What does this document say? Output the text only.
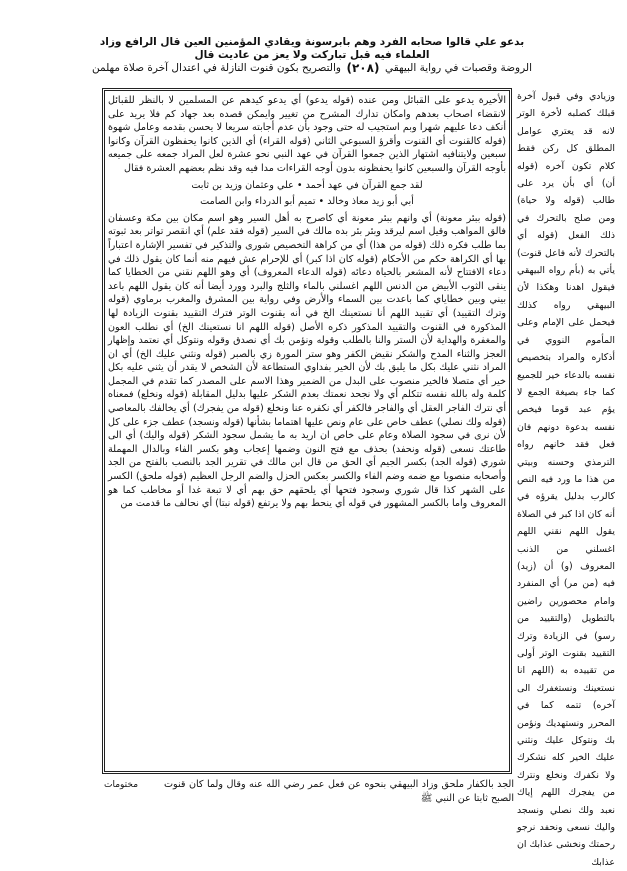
بدعو علي قالوا صحابه الفرد وهم بابرسونة ويقادي المؤمنين العين قال الرافع وزاد العلماء فيه قبل تباركت ولا يعز من عاديت قال
الروضة وقصبات في رواية البيهقي
(٢٠٨)
والتصريح بكون قنوت النازلة في اعتدال آخرة صلاة مهلمن

الأخيرة يدعو على القبائل ومن عنده (قوله يدعو) أي يدعو كيدهم عن المسلمين لا بالنظر للقبائل لانقضاء اصحاب بعدهم وامكان تدارك المشرح من تغيير وايمكن قصده بعد جهاد كم فلا يريد على أنكف دعا عليهم شهرا وبم استجيب له حتى وجود بأن عدم أجابته سريعا لا يحسن بقدمه وعامل شهوة (قوله كالقنوت أي القنوت وأقرؤ السبوعي الثاني (قوله القراء) أي الذين كانوا يحفظون القرآن وكانوا سبعين ولايتنافيه اشتهار الذين جمعوا القرآن في عهد النبي نحو عشرة لعل المراد جمعه على جميعه بأوجه القرآن والسبعين كانوا يحفظونه بدون أوجه القراءات مدا فيه وقد نظم بعضهم العشرة فقال

لقد جمع القرآن في عهد أحمد • علي وعثمان وزيد بن ثابت
أبي أبو زيد معاذ وخالد • تميم أبو الدرداء وابن الصامت

(قوله ببئر معونة) أي وانهم ببئر معونة أي كاصرح به أهل السير وهو اسم مكان بين مكة وعسفان فالق المواهب وقيل اسم ليرقد وبئر بئر بده مالك في السير (قوله فقد علم) أي انقصر تواتر بعد ثبوته بما طلب فكره ذلك (قوله من هذا) أي من كراهة التخصيص شورى والتذكير في تفسير الإشارة اعتباراً بها أي الكراهة حكم من الأحكام (قوله كان اذا كبر) أي للإحرام عش فيهم منه أنما كان يقول ذلك في دعاء الافتتاح لأنه المشعر بالحياة دعائه (قوله الدعاء المعروف) أي وهو اللهم نقني من الخطايا كما ينقى الثوب الأبيض من الدنس اللهم اغسلني بالماء والثلج والبرد وورد أيضا أنه كان يقول اللهم باعد بيني وبين خطاياي كما باعدت بين السماء والأرض وفي رواية بين المشرق والمغرب برماوي (قوله وترك التقييد) أي تقييد اللهم أنا نستعينك الخ في أنه يقنوت الوتر فترك التقييد بقنوت الزيادة لها المذكورة في القنوت والتقييد المذكور ذكره الأصل (قوله اللهم انا نستعينك الخ) أي نطلب العون والمغفرة والهداية لأن الستر والنا بالطلب وقوله ونؤمن بك أي نصدق وقوله ونتوكل أي نعتمد وإظهار العجز والثناء المدح والشكر نقيض الكفر وهو ستر المورة زي بالصبر (قوله ونثني عليك الخ) أي ان المراد نثني عليك بكل ما يليق بك لأن الخير بفداوي الستطاعة لأن الشخص لا يقدر أن يثني عليه بكل خير أي متصلا فالخير منصوب على البدل من الضمير وهذا الاسم على المصدر كما تقدم في المجمل كلمة وله بالله نفسه تتكلم أي ولا نجحد نعمتك بعدم الشكر عليها بدليل المقابلة (قوله ونخلع) فمعناه أي نترك الفاجر العقل أي والفاجر فالكفر أي نكفره عنا ونخلع (قوله من يفجرك) أي يخالفك بالمعاصي (قوله ولك نصلي) عطف خاص على عام ونص عليها اهتماما بشأنها (قوله ونسجد) عطف جزء على كل لأن نرى في سجود الصلاة وعام على خاص ان اريد به ما يشمل سجود الشكر (قوله واليك) أي الى طاعتك نسعى (قوله ونحفد) بحذف مع فتح النون وضمها إعجاب وهو بكسر الفاء وبالدال المهملة شوري (قوله الجد) بكسر الجيم أي الحق من قال ابن مالك في تقرير الجد بالنصب بالفتح من الجد وأصحابه منصوبا مع ضمه وضم الفاء والكسر بعكس الحزل والضم الرجل العظيم (قوله ملحق) الكسر على الشهر كذا قال شوري وسجود فتحها أي يلحقهم حق بهم أي لا تبعة غدا أو مخاطب كما هو المعروف واما بالكسر المشهور في قوله أي ينحط بهم ولا يرتفع (قوله نبتا) أي نحالف ما قدمت من

وزيادي وفي قبول آخرة قبلك كصلبه لأخرة الوتر لانه قد يعتري عوامل المطلق كل ركن فقط كلام تكون آخره (قوله أن) أي بأن يرد على طالب (قوله ولا حياة) ومن صلح بالتحرك في ذلك الفعل (قوله أي بالتحرك لأنه فاعل قنوت) يأتي به (بأم رواه البيهقي فيقول اهدنا وهكذا لأن البيهقي رواه كذلك فيحمل على الإمام وعلى المأموم النووي في أذكاره والمراد بتخصيص نفسه بالدعاء خير للجميع كما جاء بصيغة الجمع لا يؤم عبد قوما فيخص نفسه بدعوة دونهم فان فعل فقد خانهم رواه الترمذي وحسنه وبيتي من هذا ما ورد فيه النص كالرب بدليل يقرؤه في أنه كان اذا كبر في الصلاة يقول اللهم نقني اللهم اغسلني من الذنب المعروف (و) أن (زيد) فيه (من مر) أي المنفرد وامام محصورين راضين بالتطويل (والتقييد من رسو) في الزيادة وترك التقييد بقنوت الوتر أولى من تقييده به (اللهم انا نستعينك ونستغفرك الى آخره) تتمه كما في المحرر ونستهديك ونؤمن بك ونتوكل عليك ونثني عليك الخير كله نشكرك ولا نكفرك ونخلع ونترك من يفجرك اللهم إياك نعبد ولك نصلي ونسجد واليك نسعى ونحفد نرجو رحمتك ونخشى عذابك ان عذابك
الجد بالكفار ملحق وزاد البيهقي بنحوه عن فعل عمر رضي الله عنه وقال ولما كان قنوت الصبح ثابتا عن النبي ﷺ
مختومات
